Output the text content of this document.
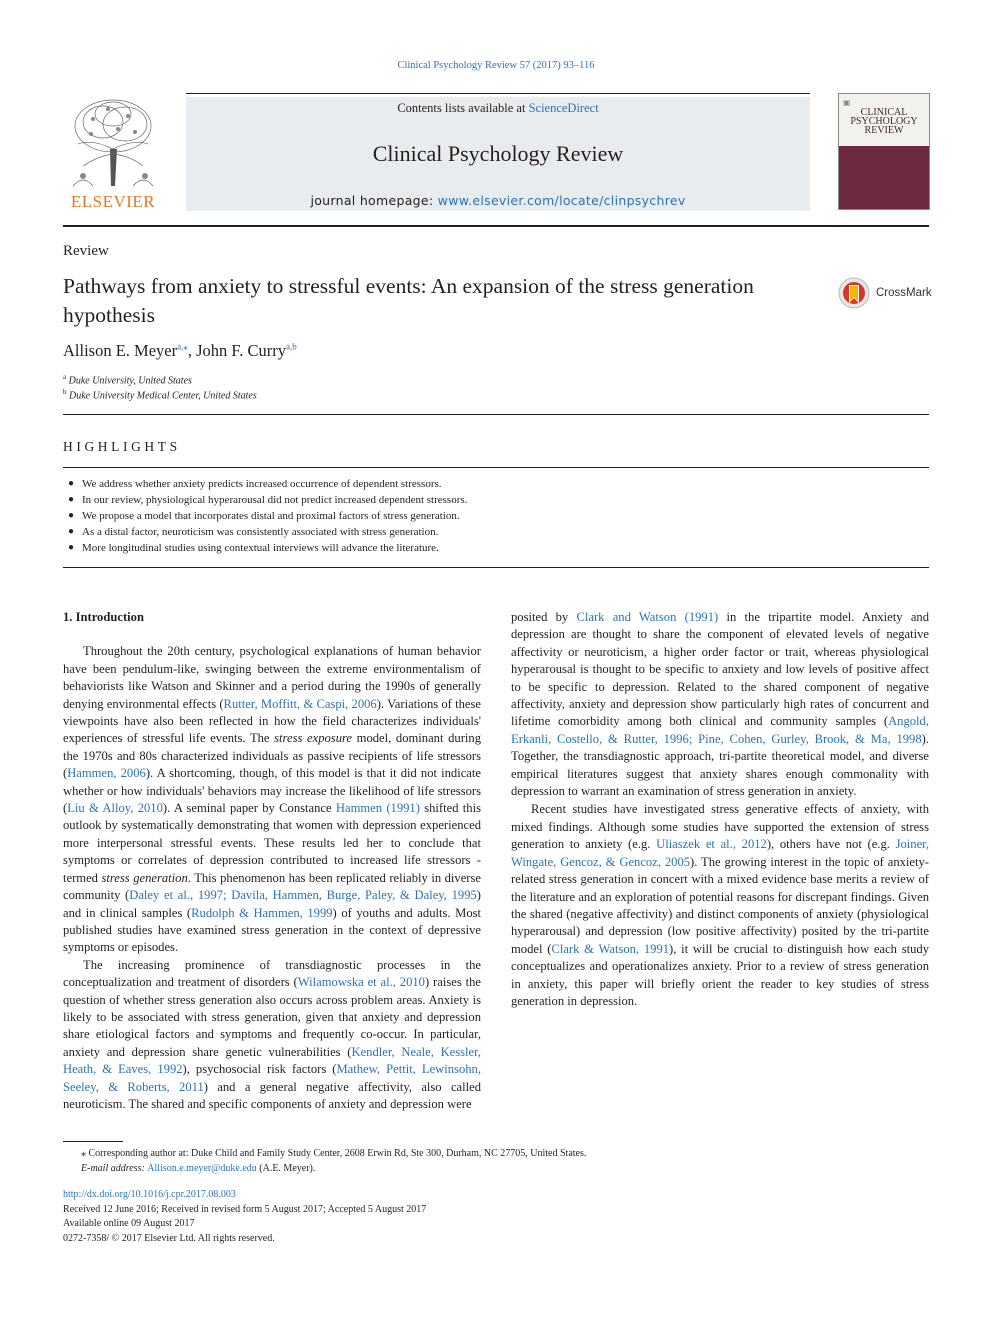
Clinical Psychology Review 57 (2017) 93–116
ELSEVIER
Contents lists available at ScienceDirect
Clinical Psychology Review
journal homepage: www.elsevier.com/locate/clinpsychrev
▣
CLINICAL PSYCHOLOGY REVIEW
Review
Pathways from anxiety to stressful events: An expansion of the stress generation hypothesis
CrossMark
Allison E. Meyer$^{a,⁎}$, John F. Curry$^{a,b}$
$^a$ Duke University, United States
$^b$ Duke University Medical Center, United States
HIGHLIGHTS
● We address whether anxiety predicts increased occurrence of dependent stressors.
● In our review, physiological hyperarousal did not predict increased dependent stressors.
● We propose a model that incorporates distal and proximal factors of stress generation.
● As a distal factor, neuroticism was consistently associated with stress generation.
● More longitudinal studies using contextual interviews will advance the literature.

1. Introduction

Throughout the 20th century, psychological explanations of human behavior have been pendulum-like, swinging between the extreme environmentalism of behaviorists like Watson and Skinner and a period during the 1990s of generally denying environmental effects (Rutter, Moffitt, & Caspi, 2006). Variations of these viewpoints have also been reflected in how the field characterizes individuals' experiences of stressful life events. The stress exposure model, dominant during the 1970s and 80s characterized individuals as passive recipients of life stressors (Hammen, 2006). A shortcoming, though, of this model is that it did not indicate whether or how individuals' behaviors may increase the likelihood of life stressors (Liu & Alloy, 2010). A seminal paper by Constance Hammen (1991) shifted this outlook by systematically demonstrating that women with depression experienced more interpersonal stressful events. These results led her to conclude that symptoms or correlates of depression contributed to increased life stressors - termed stress generation. This phenomenon has been replicated reliably in diverse community (Daley et al., 1997; Davila, Hammen, Burge, Paley, & Daley, 1995) and in clinical samples (Rudolph & Hammen, 1999) of youths and adults. Most published studies have examined stress generation in the context of depressive symptoms or episodes.

The increasing prominence of transdiagnostic processes in the conceptualization and treatment of disorders (Wilamowska et al., 2010) raises the question of whether stress generation also occurs across problem areas. Anxiety is likely to be associated with stress generation, given that anxiety and depression share etiological factors and symptoms and frequently co-occur. In particular, anxiety and depression share genetic vulnerabilities (Kendler, Neale, Kessler, Heath, & Eaves, 1992), psychosocial risk factors (Mathew, Pettit, Lewinsohn, Seeley, & Roberts, 2011) and a general negative affectivity, also called neuroticism. The shared and specific components of anxiety and depression were

Recent studies have investigated stress generative effects of anxiety, with mixed findings. Although some studies have supported the extension of stress generation to anxiety (e.g. Uliaszek et al., 2012), others have not (e.g. Joiner, Wingate, Gencoz, & Gencoz, 2005). The growing interest in the topic of anxiety-related stress generation in concert with a mixed evidence base merits a review of the literature and an exploration of potential reasons for discrepant findings. Given the shared (negative affectivity) and distinct components of anxiety (physiological hyperarousal) and depression (low positive affectivity) posited by the tri-partite model (Clark & Watson, 1991), it will be crucial to distinguish how each study conceptualizes and operationalizes anxiety. Prior to a review of stress generation in anxiety, this paper will briefly orient the reader to key studies of stress generation in depression.

⁎ Corresponding author at: Duke Child and Family Study Center, 2608 Erwin Rd, Ste 300, Durham, NC 27705, United States.
E-mail address: Allison.e.meyer@duke.edu (A.E. Meyer).
http://dx.doi.org/10.1016/j.cpr.2017.08.003
Received 12 June 2016; Received in revised form 5 August 2017; Accepted 5 August 2017
Available online 09 August 2017
0272-7358/ © 2017 Elsevier Ltd. All rights reserved.

posited by Clark and Watson (1991) in the tripartite model. Anxiety and depression are thought to share the component of elevated levels of negative affectivity or neuroticism, a higher order factor or trait, whereas physiological hyperarousal is thought to be specific to anxiety and low levels of positive affect to be specific to depression. Related to the shared component of negative affectivity, anxiety and depression show particularly high rates of concurrent and lifetime comorbidity among both clinical and community samples (Angold, Erkanli, Costello, & Rutter, 1996; Pine, Cohen, Gurley, Brook, & Ma, 1998). Together, the transdiagnostic approach, tri-partite theoretical model, and diverse empirical literatures suggest that anxiety shares enough commonality with depression to warrant an examination of stress generation in anxiety.
